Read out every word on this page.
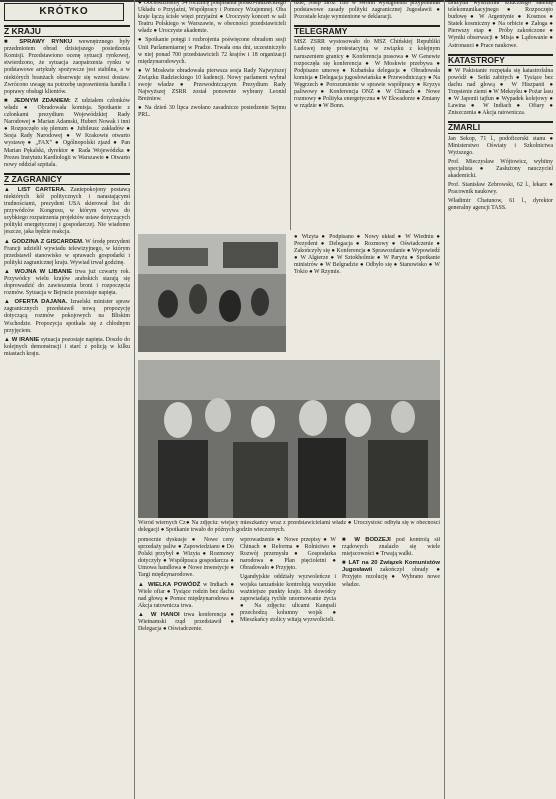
KRÓTKO
Z KRAJU

■ SPRAWY RYNKU wewnętrznego były przedmiotem obrad dzisiejszego posiedzenia Komisji. Przedstawiono ocenę sytuacji rynkowej, stwierdzono, że sytuacja zaopatrzenia rynku w podstawowe artykuły spożywcze jest stabilna, a w niektórych branżach obserwuje się wzrost dostaw. Zwrócono uwagę na potrzebę usprawnienia handlu i poprawy obsługi klientów.

■ JEDNYM ZDANIEM: Z udziałem członków władz ● Obradowała komisja. Spotkanie z członkami prezydium Wojewódzkiej Rady Narodowej ● Marian Adamski, Hubert Nowak i inni ● Rozpoczęło się plenum ● Jubileusz zakładów ● Sesja Rady Narodowej ● W Krakowie otwarto wystawę ● „FAX” ● Ogólnopolski zjazd ● Pan Marian Pękalski, dyrektor ● Rada Wojewódzka ● Prezes Instytutu Kardiologii w Warszawie ● Otwarto nowy oddział szpitala.

Z ZAGRANICY

▲ LIST CARTERA. Zaniepokojony postawą niektórych kół politycznych i narastającymi trudnościami, prezydent USA skierował list do przywódców Kongresu, w którym wzywa do szybkiego rozpatrzenia projektów ustaw dotyczących polityki energetycznej i gospodarczej. Nie wiadomo jeszcze, jaka będzie reakcja.

▲ GODZINA Z GISCARDEM. W środę prezydent Francji udzielił wywiadu telewizyjnego, w którym przedstawił stanowisko w sprawach gospodarki i polityki zagranicznej kraju. Wywiad trwał godzinę.

▲ WOJNA W LIBANIE trwa już czwarty rok. Przywódcy wielu krajów arabskich starają się doprowadzić do zawieszenia broni i rozpoczęcia rozmów. Sytuacja w Bejrucie pozostaje napięta.

▲ OFERTA DAJANA. Izraelski minister spraw zagranicznych przedstawił nową propozycję dotyczącą rozmów pokojowych na Bliskim Wschodzie. Propozycja spotkała się z chłodnym przyjęciem.

▲ W IRANIE sytuacja pozostaje napięta. Doszło do kolejnych demonstracji i starć z policją w kilku miastach kraju.

● Obchodziliśmy 34 rocznicę podpisania polsko-radzieckiego Układu o Przyjaźni, Współpracy i Pomocy Wzajemnej. Oba kraje łączą ścisłe więzi przyjaźni ● Uroczysty koncert w sali Teatru Polskiego w Warszawie, w obecności przedstawicieli władz ● Uroczyste akademie.

● Spotkanie potęgi i rozbrojenia poświęcone obradom sesji Unii Parlamentarnej w Pradze. Trwała ona dni, uczestniczyło w niej ponad 700 przedstawicieli 72 krajów i 18 organizacji międzynarodowych.

● W Moskwie obradowała pierwsza sesja Rady Najwyższej Związku Radzieckiego 10 kadencji. Nowy parlament wybrał swoje władze ● Przewodniczącym Prezydium Rady Najwyższej ZSRR został ponownie wybrany Leonid Breżniew.

● Na dzień 30 lipca zwołano zasadnicze posiedzenie Sejmu PRL.

dzie, Josip Broz Tito w swoim wystąpieniu przypomniał podstawowe zasady polityki zagranicznej Jugosławii ● Pozostałe kraje wymienione w deklaracji.

TELEGRAMY

MSZ ZSRR wystosowało do MSZ Chińskiej Republiki Ludowej notę protestacyjną w związku z kolejnym naruszeniem granicy ● Konferencja prasowa ● W Genewie rozpoczęła się konferencja ● W Moskwie przebywa ● Podpisano umowę ● Kubańska delegacja ● Obradowała komisja ● Delegacja jugosłowiańska ● Przewodniczący ● Na Węgrzech ● Porozumienie w sprawie współpracy ● Kryzys paliwowy ● Konferencja ONZ ● W Chinach ● Nowe rozmowy ● Polityka energetyczna ● W Ekwadorze ● Zmiany w rządzie ● W Bonn.

● Wizyta ● Podpisano ● Nowy układ ● W Wiedniu ● Prezydent ● Delegacja ● Rozmowy ● Oświadczenie ● Zakończyły się ● Konferencja ● Sprawozdanie ● Wypowiedź ● W Algierze ● W Sztokholmie ● W Paryżu ● Spotkanie ministrów ● W Belgradzie ● Odbyło się ● Stanowisko ● W Tokio ● W Rzymie.

Wśród wiernych Cz● Na zdjęciu: wiejscy mieszkańcy wraz z przedstawicielami władz ● Uroczystość odbyła się w obecności delegacji ● Spotkanie trwało do późnych godzin wieczornych.

pomocnie dyskusje ● Nowe ceny sprzedaży paliw ● Zapowiedziano ● Do Polski przybył ● Wizyta ● Rozmowy dotyczyły ● Współpraca gospodarcza ● Umowa handlowa ● Nowe inwestycje ● Targi międzynarodowe.

▲ WIELKA POWÓDŹ w Indiach ● Wiele ofiar ● Tysiące rodzin bez dachu nad głową ● Pomoc międzynarodowa ● Akcja ratownicza trwa.

▲ W HANOI trwa konferencja ● Wietnamski rząd przedstawił ● Delegacja ● Oświadczenie.

wprowadzenie ● Nowe przepisy ● W Chinach ● Reforma ● Rolnictwo ● Rozwój przemysłu ● Gospodarka narodowa ● Plan pięcioletni ● Obradowało ● Przyjęto.

Ugandyjskie oddziały wyzwoleńcze i wojska tanzańskie kontrolują wszystkie ważniejsze punkty kraju. Ich dowódcy zapowiadają rychłe unormowanie życia ● Na zdjęciu: ulicami Kampali przechodzą kolumny wojsk ● Mieszkańcy stolicy witają wyzwolicieli.

■ W BODZEJI pod kontrolą sił rządowych znalazło się wiele miejscowości ● Trwają walki.

■ LAT na 20 Związek Komunistów Jugosławii zakończył obrady ● Przyjęto rezolucję ● Wybrano nowe władze.

Brazylia wystrzeliła sztucznego satelitę telekomunikacyjnego ● Rozpoczęto budowę ● W Argentynie ● Kosmos ● Statek kosmiczny ● Na orbicie ● Załoga ● Pierwszy etap ● Próby zakończone ● Wyniki obserwacji ● Misja ● Lądowanie ● Astronauci ● Prace naukowe.

KATASTROFY

■ W Pakistanie rozpętała się katastrofalna powódź ● Setki zabitych ● Tysiące bez dachu nad głową ● W Hiszpanii ● Trzęsienie ziemi ● W Meksyku ● Pożar lasu ● W Japonii tajfun ● Wypadek kolejowy ● Lawina ● W Indiach ● Ofiary ● Zniszczenia ● Akcja ratownicza.

ZMARLI

Jan Sekop, 71 l., podoficerski stanu ● Ministerstwo Oświaty i Szkolnictwa Wyższego.

Prof. Mieczysław Wójtowicz, wybitny specjalista ● Zasłużony nauczyciel akademicki.

Prof. Stanisław Zebrowski, 62 l., lekarz ● Pracownik naukowy.

Władimir Chatunow, 61 l., dyrektor generalny agencji TASS.
